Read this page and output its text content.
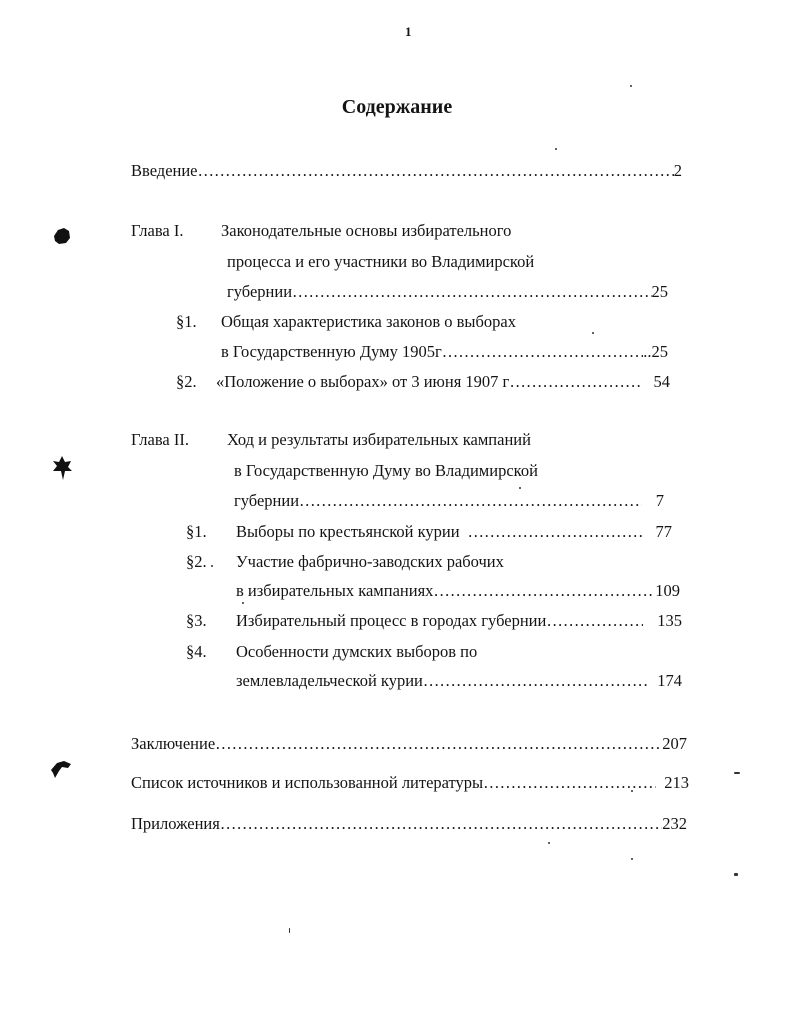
1
Содержание
Введение …………………………………………………………………………………………………………………………………………	2
Глава I. Законодательные основы избирательного
процесса и его участники во Владимирской
губернии …………………………………………………………………………………………………………………………………………	25
§1. Общая характеристика законов о выборах
в Государственную Думу 1905г …………………………………………………………………………………………………………………………………………	..25
§2. «Положение о выборах» от 3 июня 1907 г …………………………………………………………………………………………………………………………………………	54
Глава II. Ход и результаты избирательных кампаний
в Государственную Думу во Владимирской
губернии …………………………………………………………………………………………………………………………………………	7
§1. Выборы по крестьянской курии …………………………………………………………………………………………………………………………………………	77
§2. Участие фабрично-заводских рабочих
в избирательных кампаниях …………………………………………………………………………………………………………………………………………	109
§3. Избирательный процесс в городах губернии …………………………………………………………………………………………………………………………………………	135
§4. Особенности думских выборов по
землевладельческой курии …………………………………………………………………………………………………………………………………………	174
Заключение …………………………………………………………………………………………………………………………………………	207
Список источников и использованной литературы …………………………………………………………………………………………………………………………………………	213
Приложения …………………………………………………………………………………………………………………………………………	232
